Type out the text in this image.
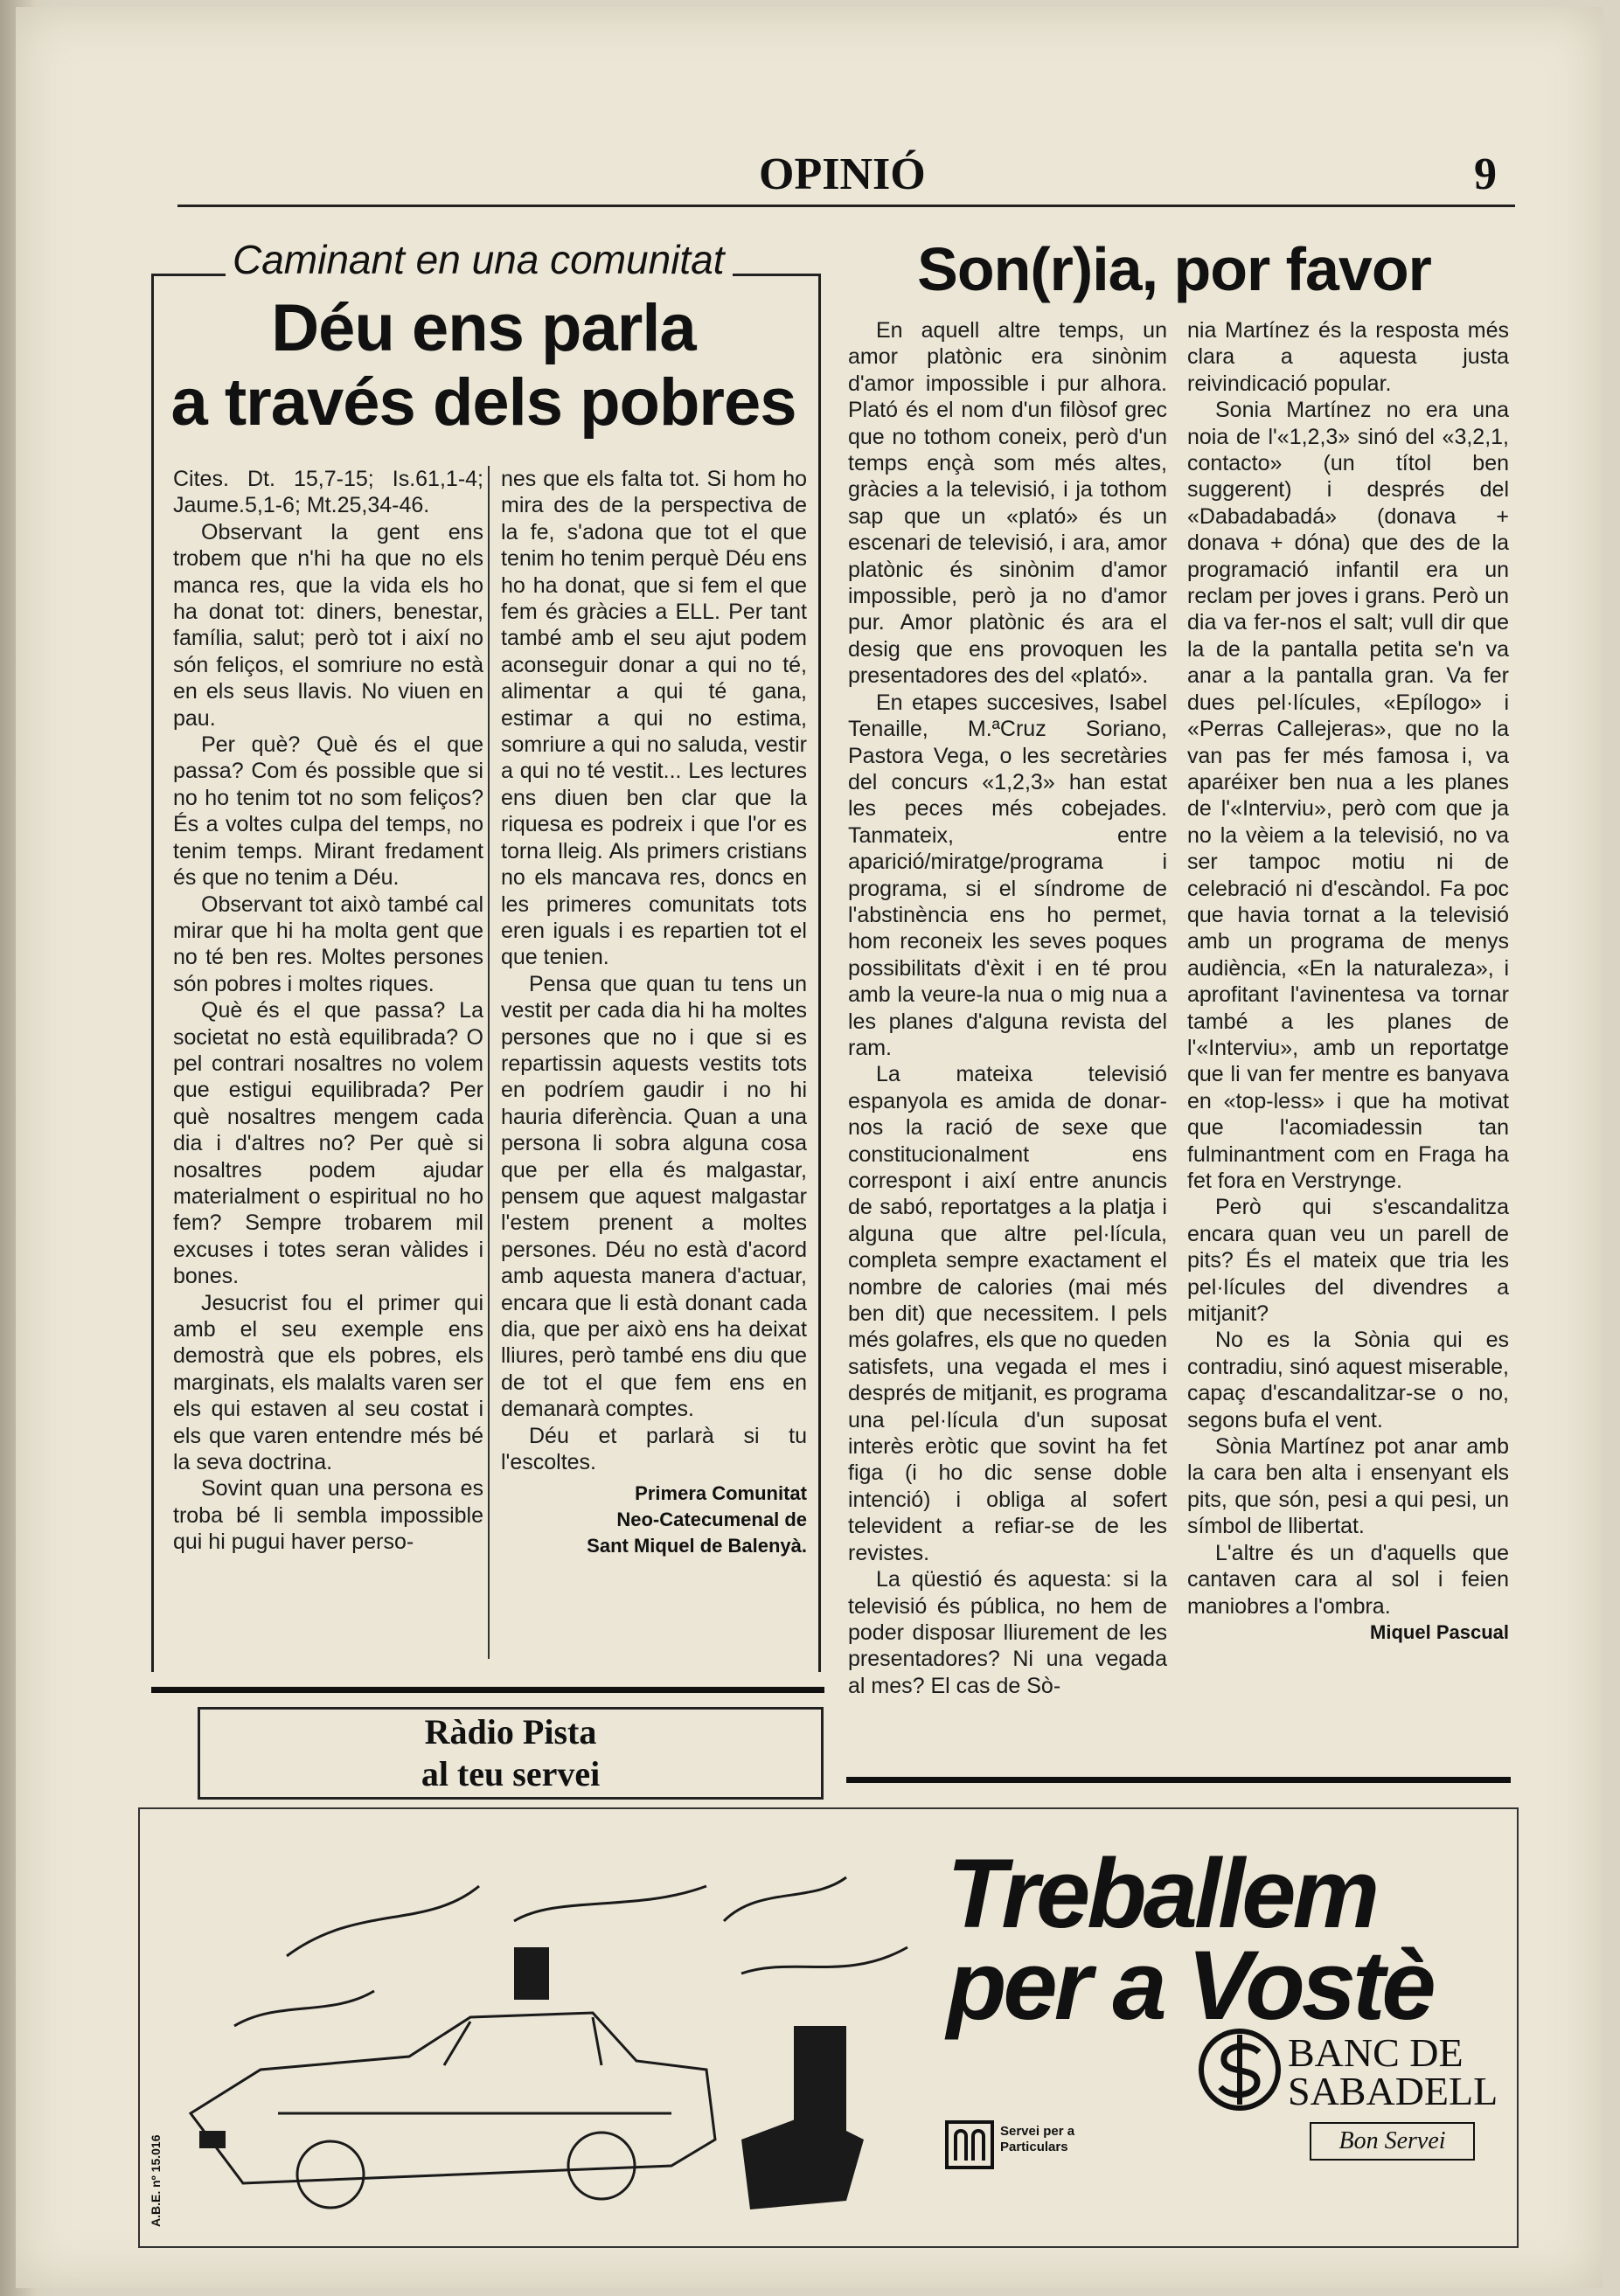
OPINIÓ	9
Caminant en una comunitat
Déu ens parla
a través dels pobres

Cites. Dt. 15,7-15; Is.61,1-4; Jaume.5,1-6; Mt.25,34-46.

Observant la gent ens trobem que n'hi ha que no els manca res, que la vida els ho ha donat tot: diners, benestar, família, salut; però tot i així no són feliços, el somriure no està en els seus llavis. No viuen en pau.

Per què? Què és el que passa? Com és possible que si no ho tenim tot no som feliços? És a voltes culpa del temps, no tenim temps. Mirant fredament és que no tenim a Déu.

Observant tot això també cal mirar que hi ha molta gent que no té ben res. Moltes persones són pobres i moltes riques.

Què és el que passa? La societat no està equilibrada? O pel contrari nosaltres no volem que estigui equilibrada? Per què nosaltres mengem cada dia i d'altres no? Per què si nosaltres podem ajudar materialment o espiritual no ho fem? Sempre trobarem mil excuses i totes seran vàlides i bones.

Jesucrist fou el primer qui amb el seu exemple ens demostrà que els pobres, els marginats, els malalts varen ser els qui estaven al seu costat i els que varen entendre més bé la seva doctrina.

Sovint quan una persona es troba bé li sembla impossible qui hi pugui haver perso-

nes que els falta tot. Si hom ho mira des de la perspectiva de la fe, s'adona que tot el que tenim ho tenim perquè Déu ens ho ha donat, que si fem el que fem és gràcies a ELL. Per tant també amb el seu ajut podem aconseguir donar a qui no té, alimentar a qui té gana, estimar a qui no estima, somriure a qui no saluda, vestir a qui no té vestit... Les lectures ens diuen ben clar que la riquesa es podreix i que l'or es torna lleig. Als primers cristians no els mancava res, doncs en les primeres comunitats tots eren iguals i es repartien tot el que tenien.

Pensa que quan tu tens un vestit per cada dia hi ha moltes persones que no i que si es repartissin aquests vestits tots en podríem gaudir i no hi hauria diferència. Quan a una persona li sobra alguna cosa que per ella és malgastar, pensem que aquest malgastar l'estem prenent a moltes persones. Déu no està d'acord amb aquesta manera d'actuar, encara que li està donant cada dia, que per això ens ha deixat lliures, però també ens diu que de tot el que fem ens en demanarà comptes.

Déu et parlarà si tu l'escoltes.

Primera Comunitat
Neo-Catecumenal de
Sant Miquel de Balenyà.
Son(r)ia, por favor

En aquell altre temps, un amor platònic era sinònim d'amor impossible i pur alhora. Plató és el nom d'un filòsof grec que no tothom coneix, però d'un temps ençà som més altes, gràcies a la televisió, i ja tothom sap que un «plató» és un escenari de televisió, i ara, amor platònic és sinònim d'amor impossible, però ja no d'amor pur. Amor platònic és ara el desig que ens provoquen les presentadores des del «plató».

En etapes succesives, Isabel Tenaille, M.ªCruz Soriano, Pastora Vega, o les secretàries del concurs «1,2,3» han estat les peces més cobejades. Tanmateix, entre aparició/miratge/programa i programa, si el síndrome de l'abstinència ens ho permet, hom reconeix les seves poques possibilitats d'èxit i en té prou amb la veure-la nua o mig nua a les planes d'alguna revista del ram.

La mateixa televisió espanyola es amida de donar-nos la ració de sexe que constitucionalment ens correspont i així entre anuncis de sabó, reportatges a la platja i alguna que altre pel·lícula, completa sempre exactament el nombre de calories (mai més ben dit) que necessitem. I pels més golafres, els que no queden satisfets, una vegada el mes i després de mitjanit, es programa una pel·lícula d'un suposat interès eròtic que sovint ha fet figa (i ho dic sense doble intenció) i obliga al sofert televident a refiar-se de les revistes.

La qüestió és aquesta: si la televisió és pública, no hem de poder disposar lliurement de les presentadores? Ni una vegada al mes? El cas de Sò-

nia Martínez és la resposta més clara a aquesta justa reivindicació popular.

Sonia Martínez no era una noia de l'«1,2,3» sinó del «3,2,1, contacto» (un títol ben suggerent) i després del «Dabadabadá» (donava + donava + dóna) que des de la programació infantil era un reclam per joves i grans. Però un dia va fer-nos el salt; vull dir que la de la pantalla petita se'n va anar a la pantalla gran. Va fer dues pel·lícules, «Epílogo» i «Perras Callejeras», que no la van pas fer més famosa i, va aparéixer ben nua a les planes de l'«Interviu», però com que ja no la vèiem a la televisió, no va ser tampoc motiu ni de celebració ni d'escàndol. Fa poc que havia tornat a la televisió amb un programa de menys audiència, «En la naturaleza», i aprofitant l'avinentesa va tornar també a les planes de l'«Interviu», amb un reportatge que li van fer mentre es banyava en «top-less» i que ha motivat que l'acomiadessin tan fulminantment com en Fraga ha fet fora en Verstrynge.

Però qui s'escandalitza encara quan veu un parell de pits? És el mateix que tria les pel·lícules del divendres a mitjanit?

No es la Sònia qui es contradiu, sinó aquest miserable, capaç d'escandalitzar-se o no, segons bufa el vent.

Sònia Martínez pot anar amb la cara ben alta i ensenyant els pits, que són, pesi a qui pesi, un símbol de llibertat.

L'altre és un d'aquells que cantaven cara al sol i feien maniobres a l'ombra.

Miquel Pascual
Ràdio Pista
al teu servei
A.B.E. nº 15.016
Treballem
per a Vostè
BANC DE
SABADELL
Bon Servei
Servei per a
Particulars
